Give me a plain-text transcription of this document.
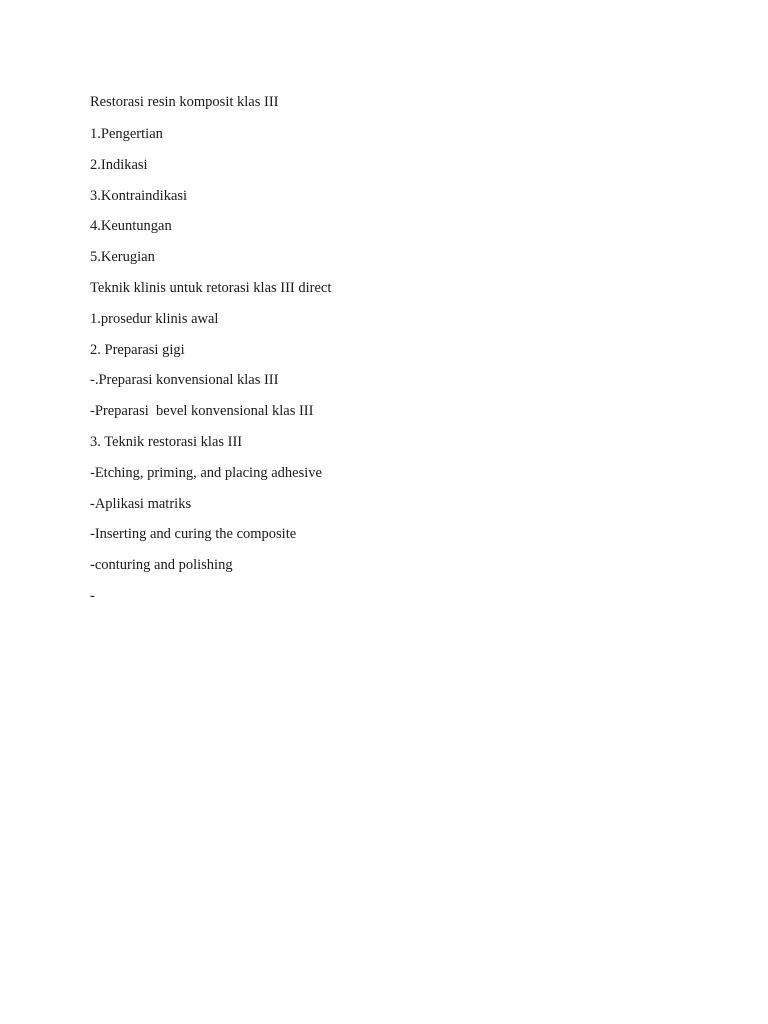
Restorasi resin komposit klas III
1.Pengertian
2.Indikasi
3.Kontraindikasi
4.Keuntungan
5.Kerugian
Teknik klinis untuk retorasi klas III direct
1.prosedur klinis awal
2. Preparasi gigi
-.Preparasi konvensional klas III
-Preparasi  bevel konvensional klas III
3. Teknik restorasi klas III
-Etching, priming, and placing adhesive
-Aplikasi matriks
-Inserting and curing the composite
-conturing and polishing
-
